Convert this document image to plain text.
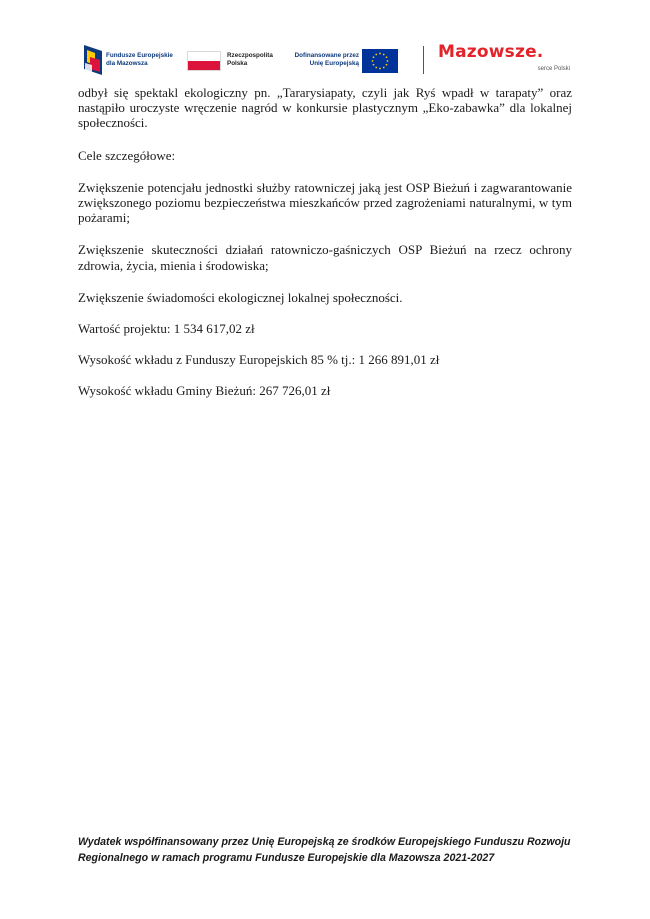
Fundusze Europejskie
dla Mazowsza
Rzeczpospolita
Polska
Dofinansowane przez
Unię Europejską
Mazowsze.
serce Polski

odbył się spektakl ekologiczny pn. „Tararysiapaty, czyli jak Ryś wpadł w tarapaty” oraz nastąpiło uroczyste wręczenie nagród w konkursie plastycznym „Eko-zabawka” dla lokalnej społeczności.

Cele szczegółowe:

Zwiększenie potencjału jednostki służby ratowniczej jaką jest OSP Bieżuń i zagwarantowanie zwiększonego poziomu bezpieczeństwa mieszkańców przed zagrożeniami naturalnymi, w tym pożarami;

Zwiększenie skuteczności działań ratowniczo-gaśniczych OSP Bieżuń na rzecz ochrony zdrowia, życia, mienia i środowiska;

Zwiększenie świadomości ekologicznej lokalnej społeczności.

Wartość projektu: 1 534 617,02 zł

Wysokość wkładu z Funduszy Europejskich 85 % tj.: 1 266 891,01 zł

Wysokość wkładu Gminy Bieżuń: 267 726,01 zł

Wydatek współfinansowany przez Unię Europejską ze środków Europejskiego Funduszu Rozwoju
Regionalnego w ramach programu Fundusze Europejskie dla Mazowsza 2021-2027
